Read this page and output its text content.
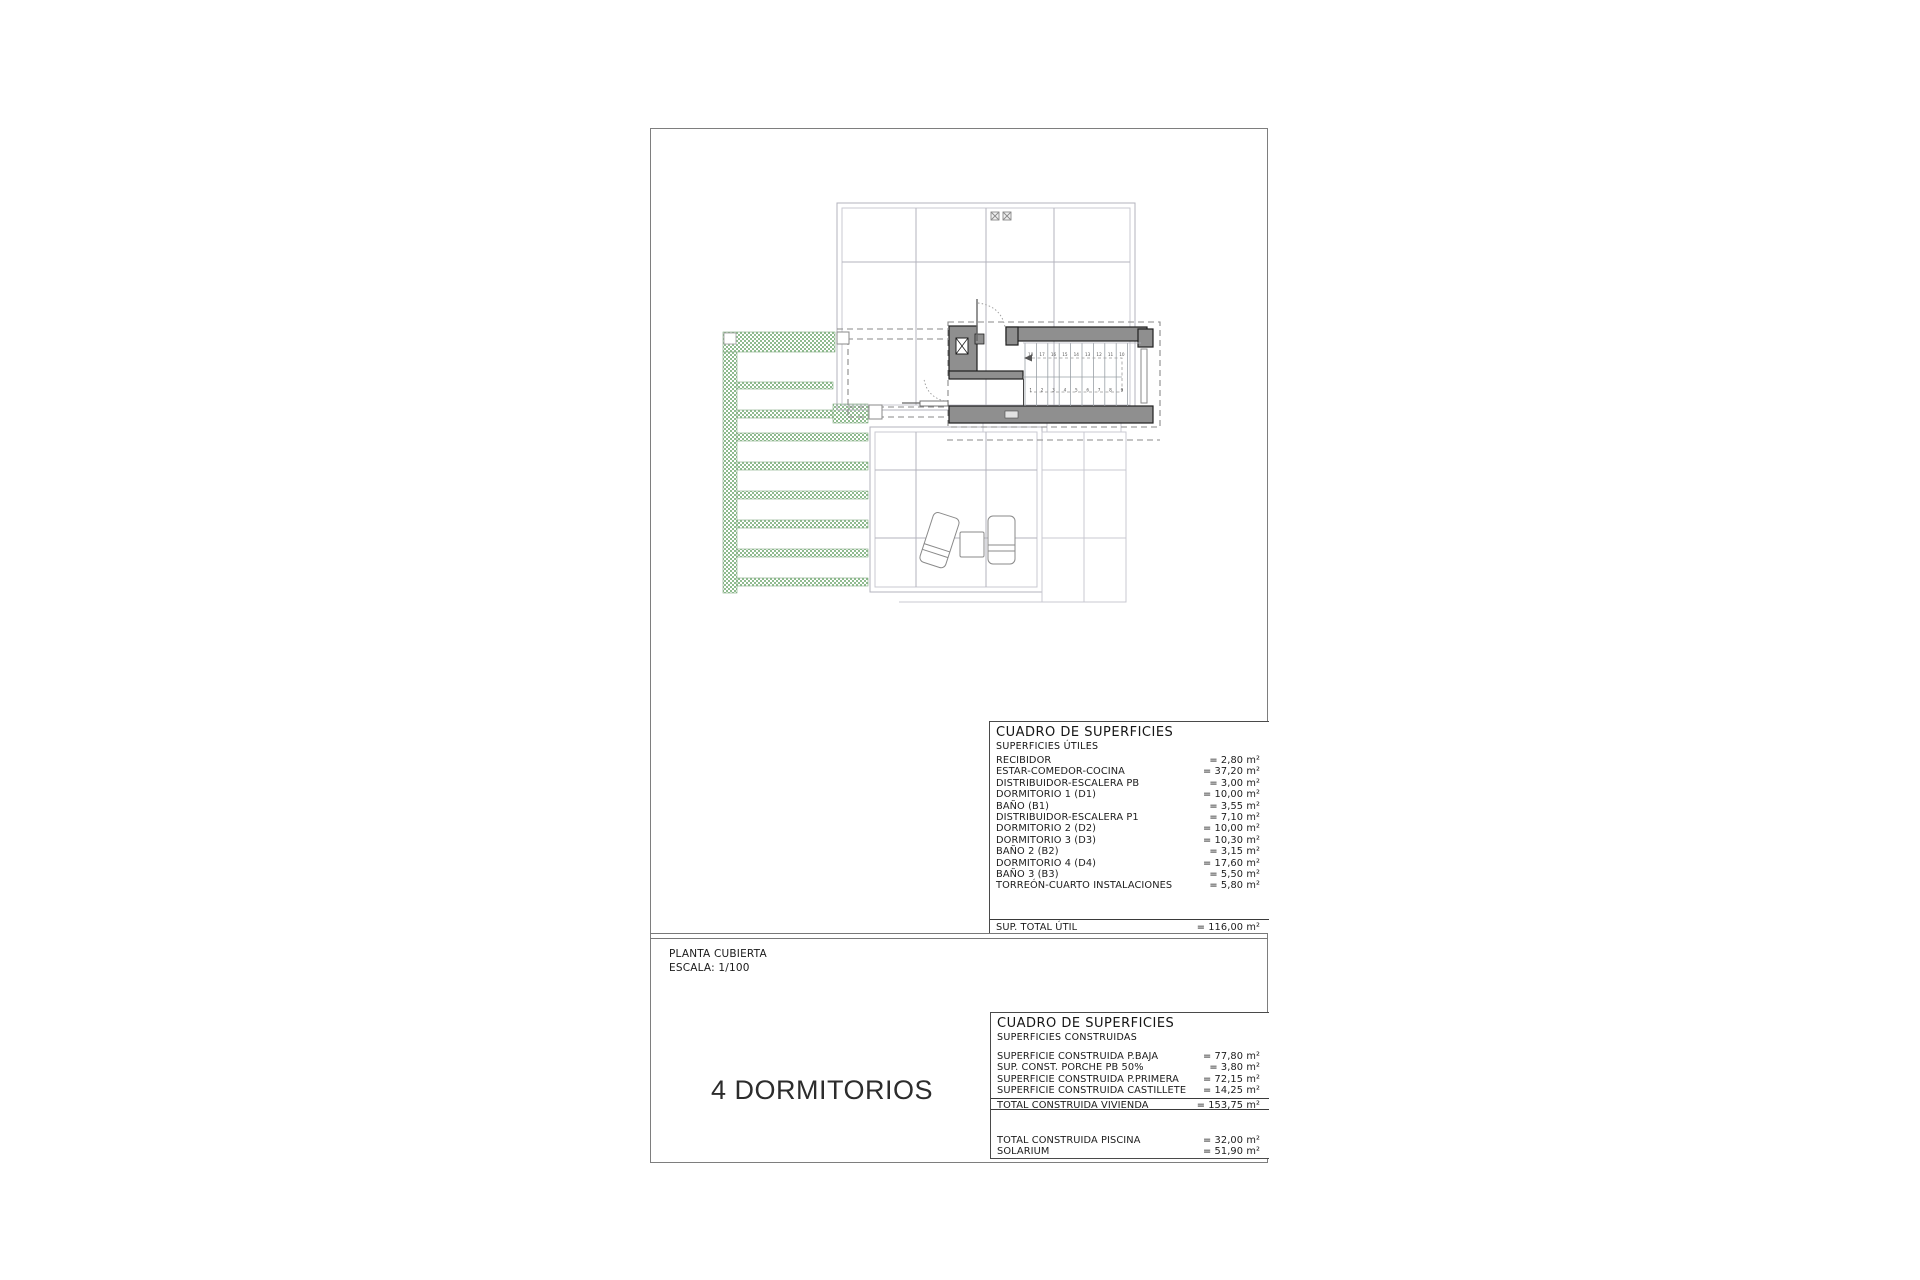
18 17 16 15 14 13 12 11 10
1 2 3 4 5 6 7 8 9
PLANTA CUBIERTA
ESCALA: 1/100
4 DORMITORIOS
CUADRO DE SUPERFICIES
SUPERFICIES ÚTILES
RECIBIDOR	= 2,80 m²
ESTAR-COMEDOR-COCINA	= 37,20 m²
DISTRIBUIDOR-ESCALERA PB	= 3,00 m²
DORMITORIO 1 (D1)	= 10,00 m²
BAÑO (B1)	= 3,55 m²
DISTRIBUIDOR-ESCALERA P1	= 7,10 m²
DORMITORIO 2 (D2)	= 10,00 m²
DORMITORIO 3 (D3)	= 10,30 m²
BAÑO 2 (B2)	= 3,15 m²
DORMITORIO 4 (D4)	= 17,60 m²
BAÑO 3 (B3)	= 5,50 m²
TORREÓN-CUARTO INSTALACIONES	= 5,80 m²
SUP. TOTAL ÚTIL	= 116,00 m²
CUADRO DE SUPERFICIES
SUPERFICIES CONSTRUIDAS
SUPERFICIE CONSTRUIDA P.BAJA	= 77,80 m²
SUP. CONST. PORCHE PB 50%	= 3,80 m²
SUPERFICIE CONSTRUIDA P.PRIMERA = 72,15 m²
SUPERFICIE CONSTRUIDA CASTILLETE = 14,25 m²
TOTAL CONSTRUIDA VIVIENDA	= 153,75 m²
TOTAL CONSTRUIDA PISCINA	= 32,00 m²
SOLARIUM	= 51,90 m²
